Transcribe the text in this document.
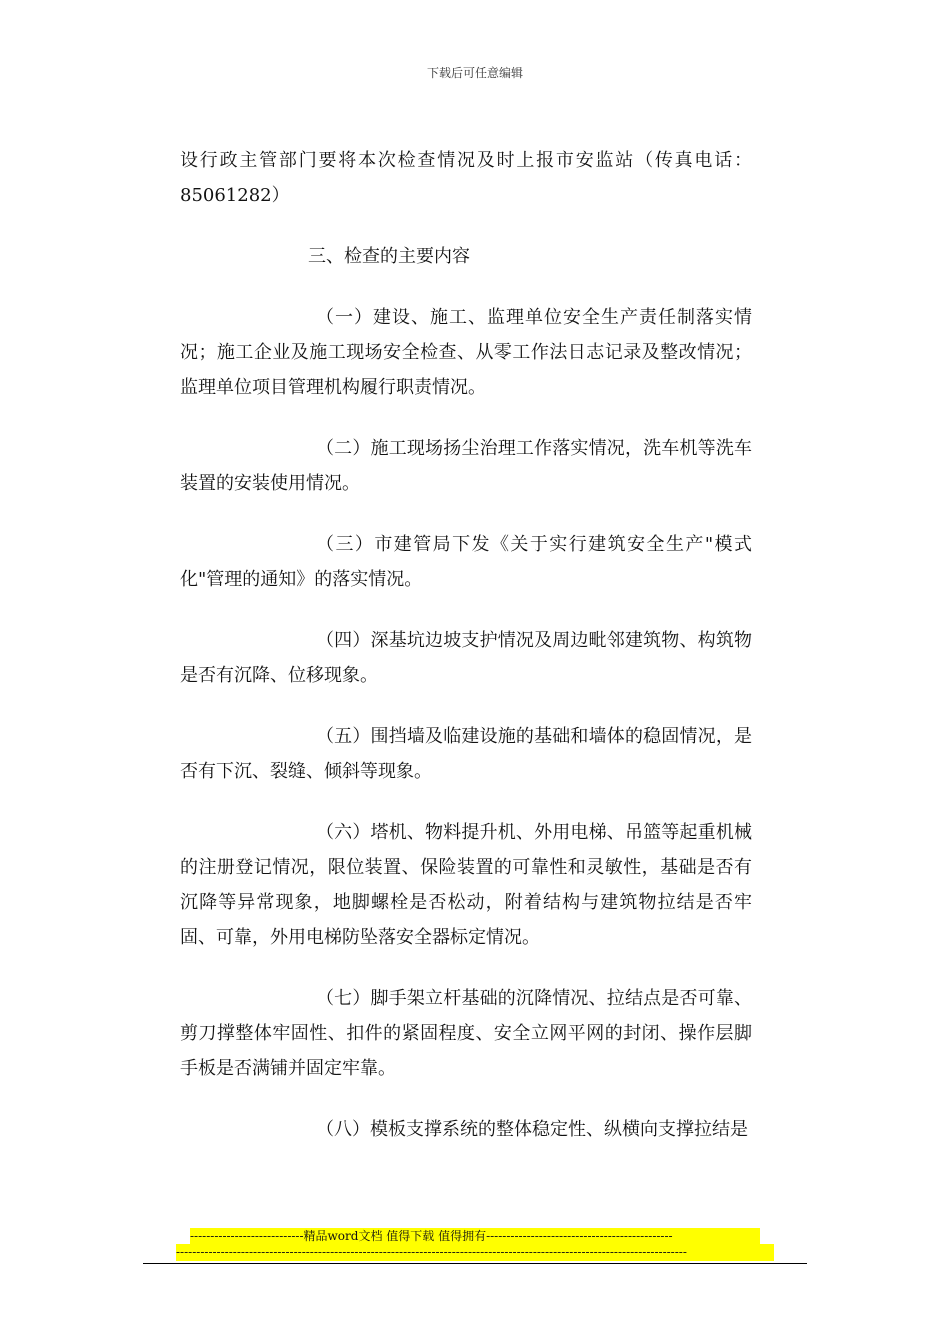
下载后可任意编辑

设行政主管部门要将本次检查情况及时上报市安监站（传真电话：85061282）

三、检查的主要内容

（一）建设、施工、监理单位安全生产责任制落实情况；施工企业及施工现场安全检查、从零工作法日志记录及整改情况；监理单位项目管理机构履行职责情况。

（二）施工现场扬尘治理工作落实情况，洗车机等洗车装置的安装使用情况。

（三）市建管局下发《关于实行建筑安全生产"模式化"管理的通知》的落实情况。

（四）深基坑边坡支护情况及周边毗邻建筑物、构筑物是否有沉降、位移现象。

（五）围挡墙及临建设施的基础和墙体的稳固情况，是否有下沉、裂缝、倾斜等现象。

（六）塔机、物料提升机、外用电梯、吊篮等起重机械的注册登记情况，限位装置、保险装置的可靠性和灵敏性，基础是否有沉降等异常现象，地脚螺栓是否松动，附着结构与建筑物拉结是否牢固、可靠，外用电梯防坠落安全器标定情况。

（七）脚手架立杆基础的沉降情况、拉结点是否可靠、剪刀撑整体牢固性、扣件的紧固程度、安全立网平网的封闭、操作层脚手板是否满铺并固定牢靠。

（八）模板支撑系统的整体稳定性、纵横向支撑拉结是

----------------------------精品word文档 值得下载 值得拥有----------------------------------------------
------------------------------------------------------------------------------------------------------------------------------
